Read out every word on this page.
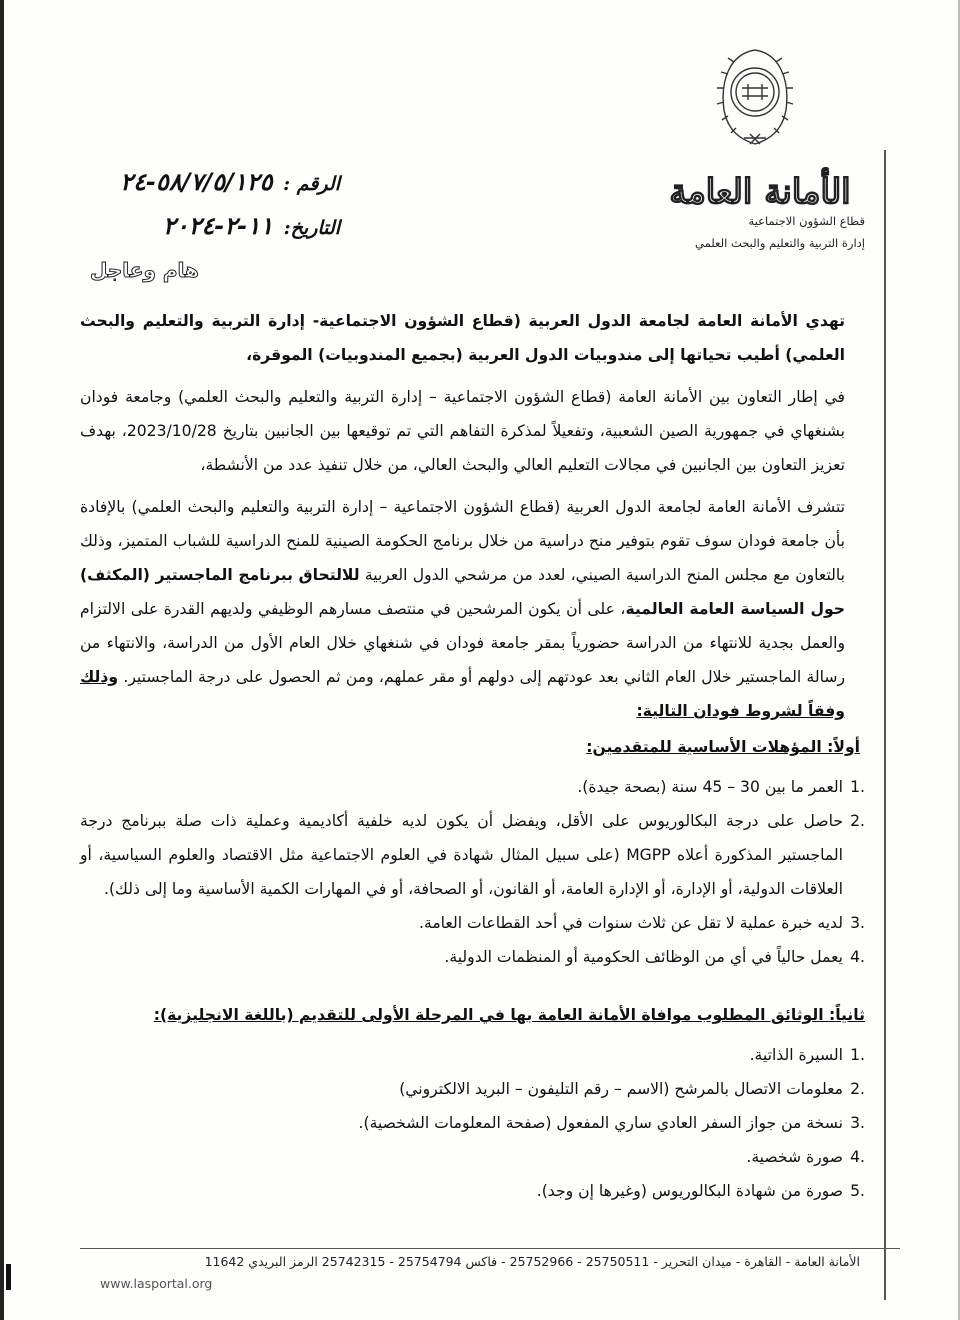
الأمانة العامة
قطاع الشؤون الاجتماعية
إدارة التربية والتعليم والبحث العلمي
الرقم : ٥٨/٧/٥/١٢٥-٢٤
التاريخ: ١١-٢-٢٠٢٤
هام وعاجل
تهدي الأمانة العامة لجامعة الدول العربية (قطاع الشؤون الاجتماعية- إدارة التربية والتعليم والبحث العلمي) أطيب تحياتها إلى مندوبيات الدول العربية (بجميع المندوبيات) الموقرة،
في إطار التعاون بين الأمانة العامة (قطاع الشؤون الاجتماعية – إدارة التربية والتعليم والبحث العلمي) وجامعة فودان بشنغهاي في جمهورية الصين الشعبية، وتفعيلاً لمذكرة التفاهم التي تم توقيعها بين الجانبين بتاريخ 2023/10/28، بهدف تعزيز التعاون بين الجانبين في مجالات التعليم العالي والبحث العالي، من خلال تنفيذ عدد من الأنشطة،
تتشرف الأمانة العامة لجامعة الدول العربية (قطاع الشؤون الاجتماعية – إدارة التربية والتعليم والبحث العلمي) بالإفادة بأن جامعة فودان سوف تقوم بتوفير منح دراسية من خلال برنامج الحكومة الصينية للمنح الدراسية للشباب المتميز، وذلك بالتعاون مع مجلس المنح الدراسية الصيني، لعدد من مرشحي الدول العربية للالتحاق ببرنامج الماجستير (المكثف) حول السياسة العامة العالمية، على أن يكون المرشحين في منتصف مسارهم الوظيفي ولديهم القدرة على الالتزام والعمل بجدية للانتهاء من الدراسة حضورياً بمقر جامعة فودان في شنغهاي خلال العام الأول من الدراسة، والانتهاء من رسالة الماجستير خلال العام الثاني بعد عودتهم إلى دولهم أو مقر عملهم، ومن ثم الحصول على درجة الماجستير. وذلك وفقاً لشروط فودان التالية:
أولاً: المؤهلات الأساسية للمتقدمين:
1.
العمر ما بين 30 – 45 سنة (بصحة جيدة).
2.
حاصل على درجة البكالوريوس على الأقل، ويفضل أن يكون لديه خلفية أكاديمية وعملية ذات صلة ببرنامج درجة الماجستير المذكورة أعلاه MGPP (على سبيل المثال شهادة في العلوم الاجتماعية مثل الاقتصاد والعلوم السياسية، أو العلاقات الدولية، أو الإدارة، أو الإدارة العامة، أو القانون، أو الصحافة، أو في المهارات الكمية الأساسية وما إلى ذلك).
3.
لديه خبرة عملية لا تقل عن ثلاث سنوات في أحد القطاعات العامة.
4.
يعمل حالياً في أي من الوظائف الحكومية أو المنظمات الدولية.
ثانياً: الوثائق المطلوب موافاة الأمانة العامة بها في المرحلة الأولى للتقديم (باللغة الانجليزية):
1.
السيرة الذاتية.
2.
معلومات الاتصال بالمرشح (الاسم – رقم التليفون – البريد الالكتروني)
3.
نسخة من جواز السفر العادي ساري المفعول (صفحة المعلومات الشخصية).
4.
صورة شخصية.
5.
صورة من شهادة البكالوريوس (وغيرها إن وجد).
الأمانة العامة - القاهرة - ميدان التحرير - 25750511 - 25752966 - فاكس 25754794 - 25742315 الرمز البريدي 11642
www.lasportal.org
